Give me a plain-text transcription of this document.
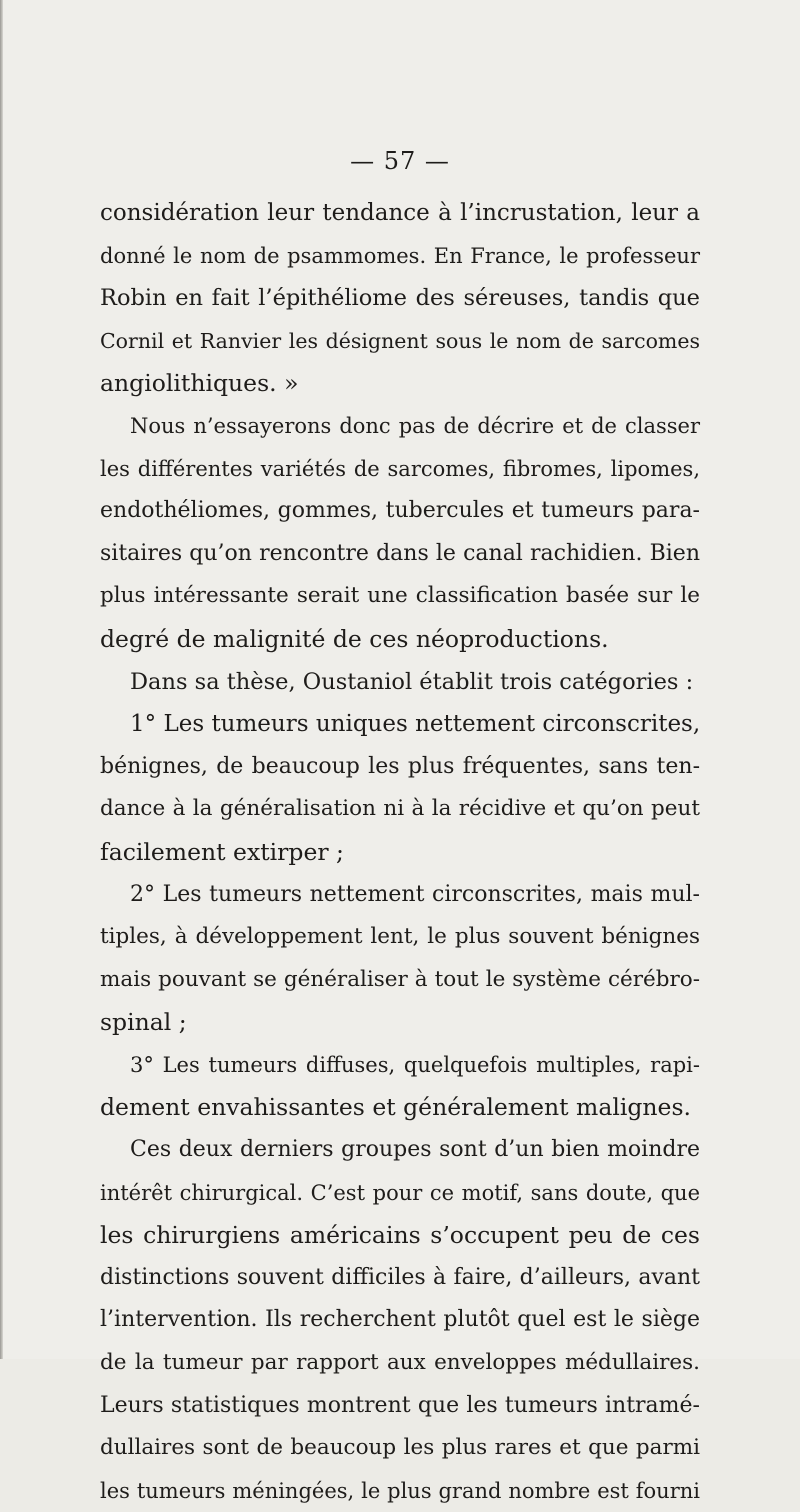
— 57 —
considération leur tendance à l’incrustation, leur a
donné le nom de psammomes. En France, le professeur
Robin en fait l’épithéliome des séreuses, tandis que
Cornil et Ranvier les désignent sous le nom de sarcomes
angiolithiques. »
Nous n’essayerons donc pas de décrire et de classer
les différentes variétés de sarcomes, fibromes, lipomes,
endothéliomes, gommes, tubercules et tumeurs para-
sitaires qu’on rencontre dans le canal rachidien. Bien
plus intéressante serait une classification basée sur le
degré de malignité de ces néoproductions.
Dans sa thèse, Oustaniol établit trois catégories :
1° Les tumeurs uniques nettement circonscrites,
bénignes, de beaucoup les plus fréquentes, sans ten-
dance à la généralisation ni à la récidive et qu’on peut
facilement extirper ;
2° Les tumeurs nettement circonscrites, mais mul-
tiples, à développement lent, le plus souvent bénignes
mais pouvant se généraliser à tout le système cérébro-
spinal ;
3° Les tumeurs diffuses, quelquefois multiples, rapi-
dement envahissantes et généralement malignes.
Ces deux derniers groupes sont d’un bien moindre
intérêt chirurgical. C’est pour ce motif, sans doute, que
les chirurgiens américains s’occupent peu de ces
distinctions souvent difficiles à faire, d’ailleurs, avant
l’intervention. Ils recherchent plutôt quel est le siège
de la tumeur par rapport aux enveloppes médullaires.
Leurs statistiques montrent que les tumeurs intramé-
dullaires sont de beaucoup les plus rares et que parmi
les tumeurs méningées, le plus grand nombre est fourni
